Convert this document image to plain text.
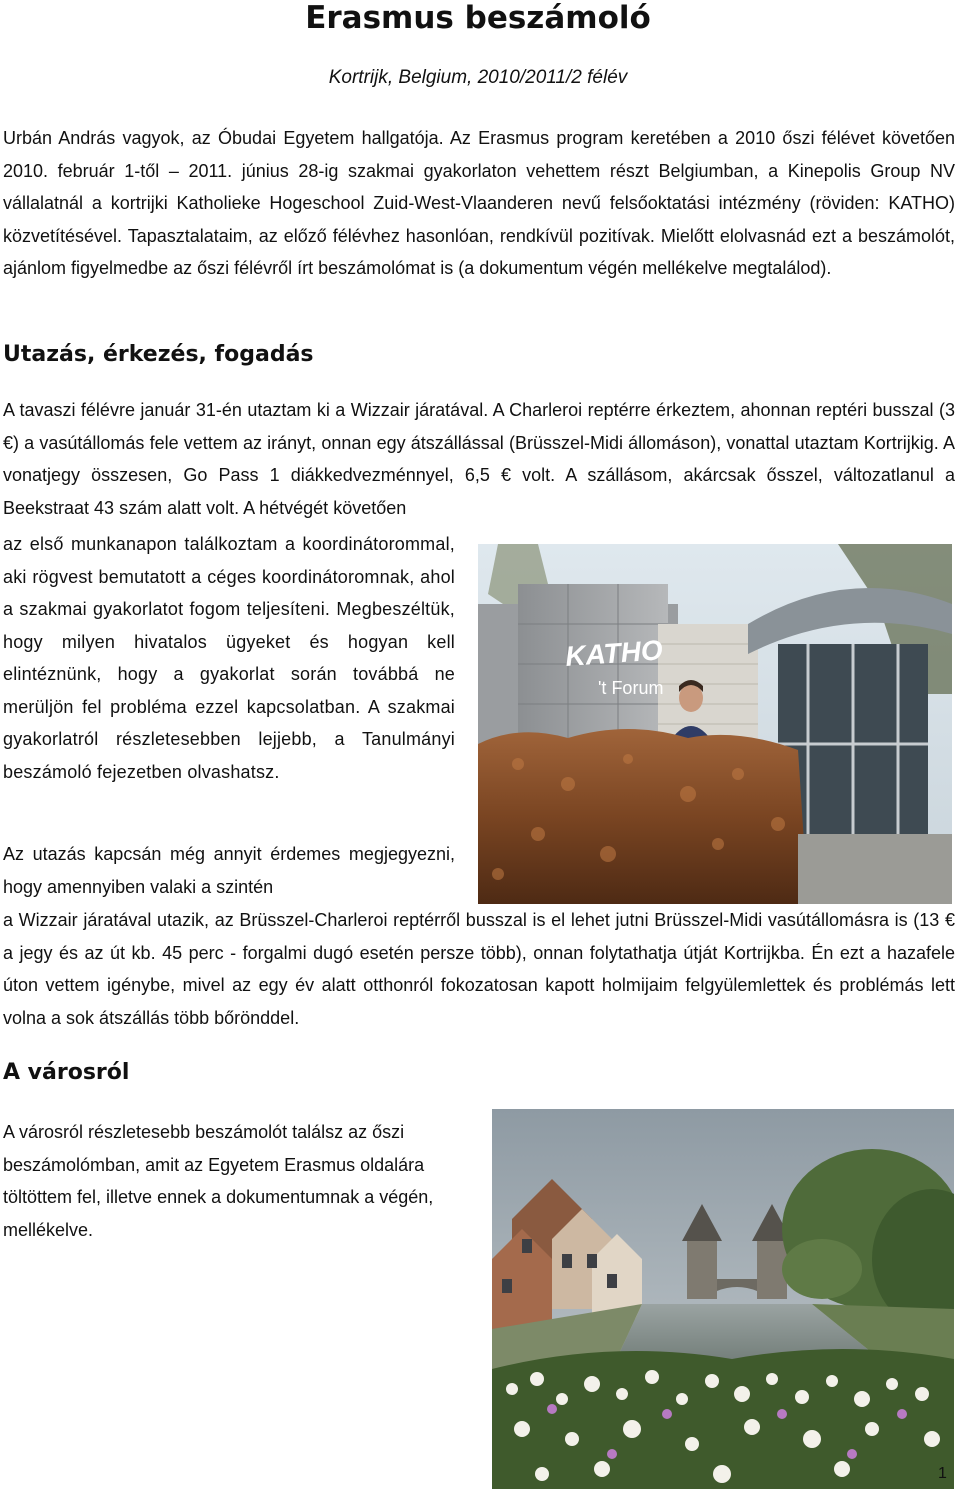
Erasmus beszámoló
Kortrijk, Belgium, 2010/2011/2 félév

Urbán András vagyok, az Óbudai Egyetem hallgatója. Az Erasmus program keretében a 2010 őszi félévet követően 2010. február 1-től – 2011. június 28-ig szakmai gyakorlaton vehettem részt Belgiumban, a Kinepolis Group NV vállalatnál a kortrijki Katholieke Hogeschool Zuid-West-Vlaanderen nevű felsőoktatási intézmény (röviden: KATHO) közvetítésével. Tapasztalataim, az előző félévhez hasonlóan, rendkívül pozitívak. Mielőtt elolvasnád ezt a beszámolót, ajánlom figyelmedbe az őszi félévről írt beszámolómat is (a dokumentum végén mellékelve megtalálod).

Utazás, érkezés, fogadás

A tavaszi félévre január 31-én utaztam ki a Wizzair járatával. A Charleroi reptérre érkeztem, ahonnan reptéri busszal (3 €) a vasútállomás fele vettem az irányt, onnan egy átszállással (Brüsszel-Midi állomáson), vonattal utaztam Kortrijkig. A vonatjegy összesen, Go Pass 1 diákkedvezménnyel, 6,5 € volt. A szállásom, akárcsak ősszel, változatlanul a Beekstraat 43 szám alatt volt. A hétvégét követően

az első munkanapon találkoztam a koordinátorommal, aki rögvest bemutatott a céges koordinátoromnak, ahol a szakmai gyakorlatot fogom teljesíteni. Megbeszéltük, hogy milyen hivatalos ügyeket és hogyan kell elintéznünk, hogy a gyakorlat során továbbá ne merüljön fel probléma ezzel kapcsolatban. A szakmai gyakorlatról részletesebben lejjebb, a Tanulmányi beszámoló fejezetben olvashatsz.

Az utazás kapcsán még annyit érdemes megjegyezni, hogy amennyiben valaki a szintén

a Wizzair járatával utazik, az Brüsszel-Charleroi reptérről busszal is el lehet jutni Brüsszel-Midi vasútállomásra is (13 € a jegy és az út kb. 45 perc - forgalmi dugó esetén persze több), onnan folytathatja útját Kortrijkba. Én ezt a hazafele úton vettem igénybe, mivel az egy év alatt otthonról fokozatosan kapott holmijaim felgyülemlettek és problémás lett volna a sok átszállás több bőrönddel.

KATHO
't Forum
A városról

A városról részletesebb beszámolót találsz az őszi beszámolómban, amit az Egyetem Erasmus oldalára töltöttem fel, illetve ennek a dokumentumnak a végén, mellékelve.

1
